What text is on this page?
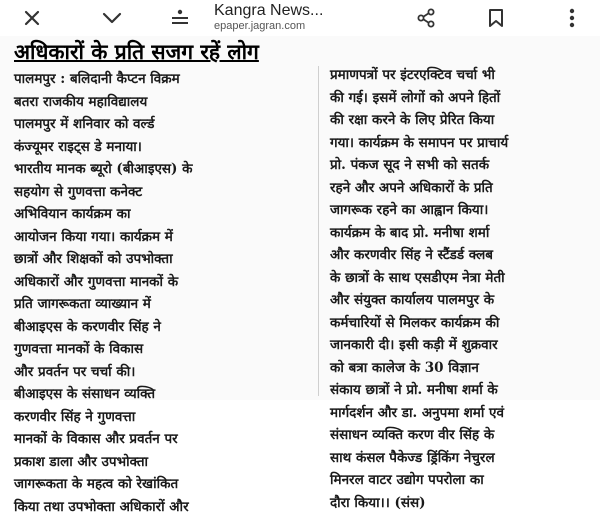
Kangra News...
epaper.jagran.com
अधिकारों के प्रति सजग रहें लोग
पालमपुर : बलिदानी कैप्टन विक्रम
बतरा राजकीय महाविद्यालय
पालमपुर में शनिवार को वर्ल्ड
कंज्यूमर राइट्स डे मनाया।
भारतीय मानक ब्यूरो (बीआइएस) के
सहयोग से गुणवत्ता कनेक्ट
अभिवियान कार्यक्रम का
आयोजन किया गया। कार्यक्रम में
छात्रों और शिक्षकों को उपभोक्ता
अधिकारों और गुणवत्ता मानकों के
प्रति जागरूकता व्याख्यान में
बीआइएस के करणवीर सिंह ने
गुणवत्ता मानकों के विकास
और प्रवर्तन पर चर्चा की।
बीआइएस के संसाधन व्यक्ति
करणवीर सिंह ने गुणवत्ता
मानकों के विकास और प्रवर्तन पर
प्रकाश डाला और उपभोक्ता
जागरूकता के महत्व को रेखांकित
किया तथा उपभोक्ता अधिकारों और
प्रमाणपत्रों पर इंटरएक्टिव चर्चा भी
की गई। इसमें लोगों को अपने हितों
की रक्षा करने के लिए प्रेरित किया
गया। कार्यक्रम के समापन पर प्राचार्य
प्रो. पंकज सूद ने सभी को सतर्क
रहने और अपने अधिकारों के प्रति
जागरूक रहने का आह्वान किया।
कार्यक्रम के बाद प्रो. मनीषा शर्मा
और करणवीर सिंह ने स्टैंडर्ड क्लब
के छात्रों के साथ एसडीएम नेत्रा मेती
और संयुक्त कार्यालय पालमपुर के
कर्मचारियों से मिलकर कार्यक्रम की
जानकारी दी। इसी कड़ी में शुक्रवार
को बत्रा कालेज के 30 विज्ञान
संकाय छात्रों ने प्रो. मनीषा शर्मा के
मार्गदर्शन और डा. अनुपमा शर्मा एवं
संसाधन व्यक्ति करण वीर सिंह के
साथ कंसल पैकेज्ड ड्रिंकिंग नेचुरल
मिनरल वाटर उद्योग पपरोला का
दौरा किया।। (संस)
